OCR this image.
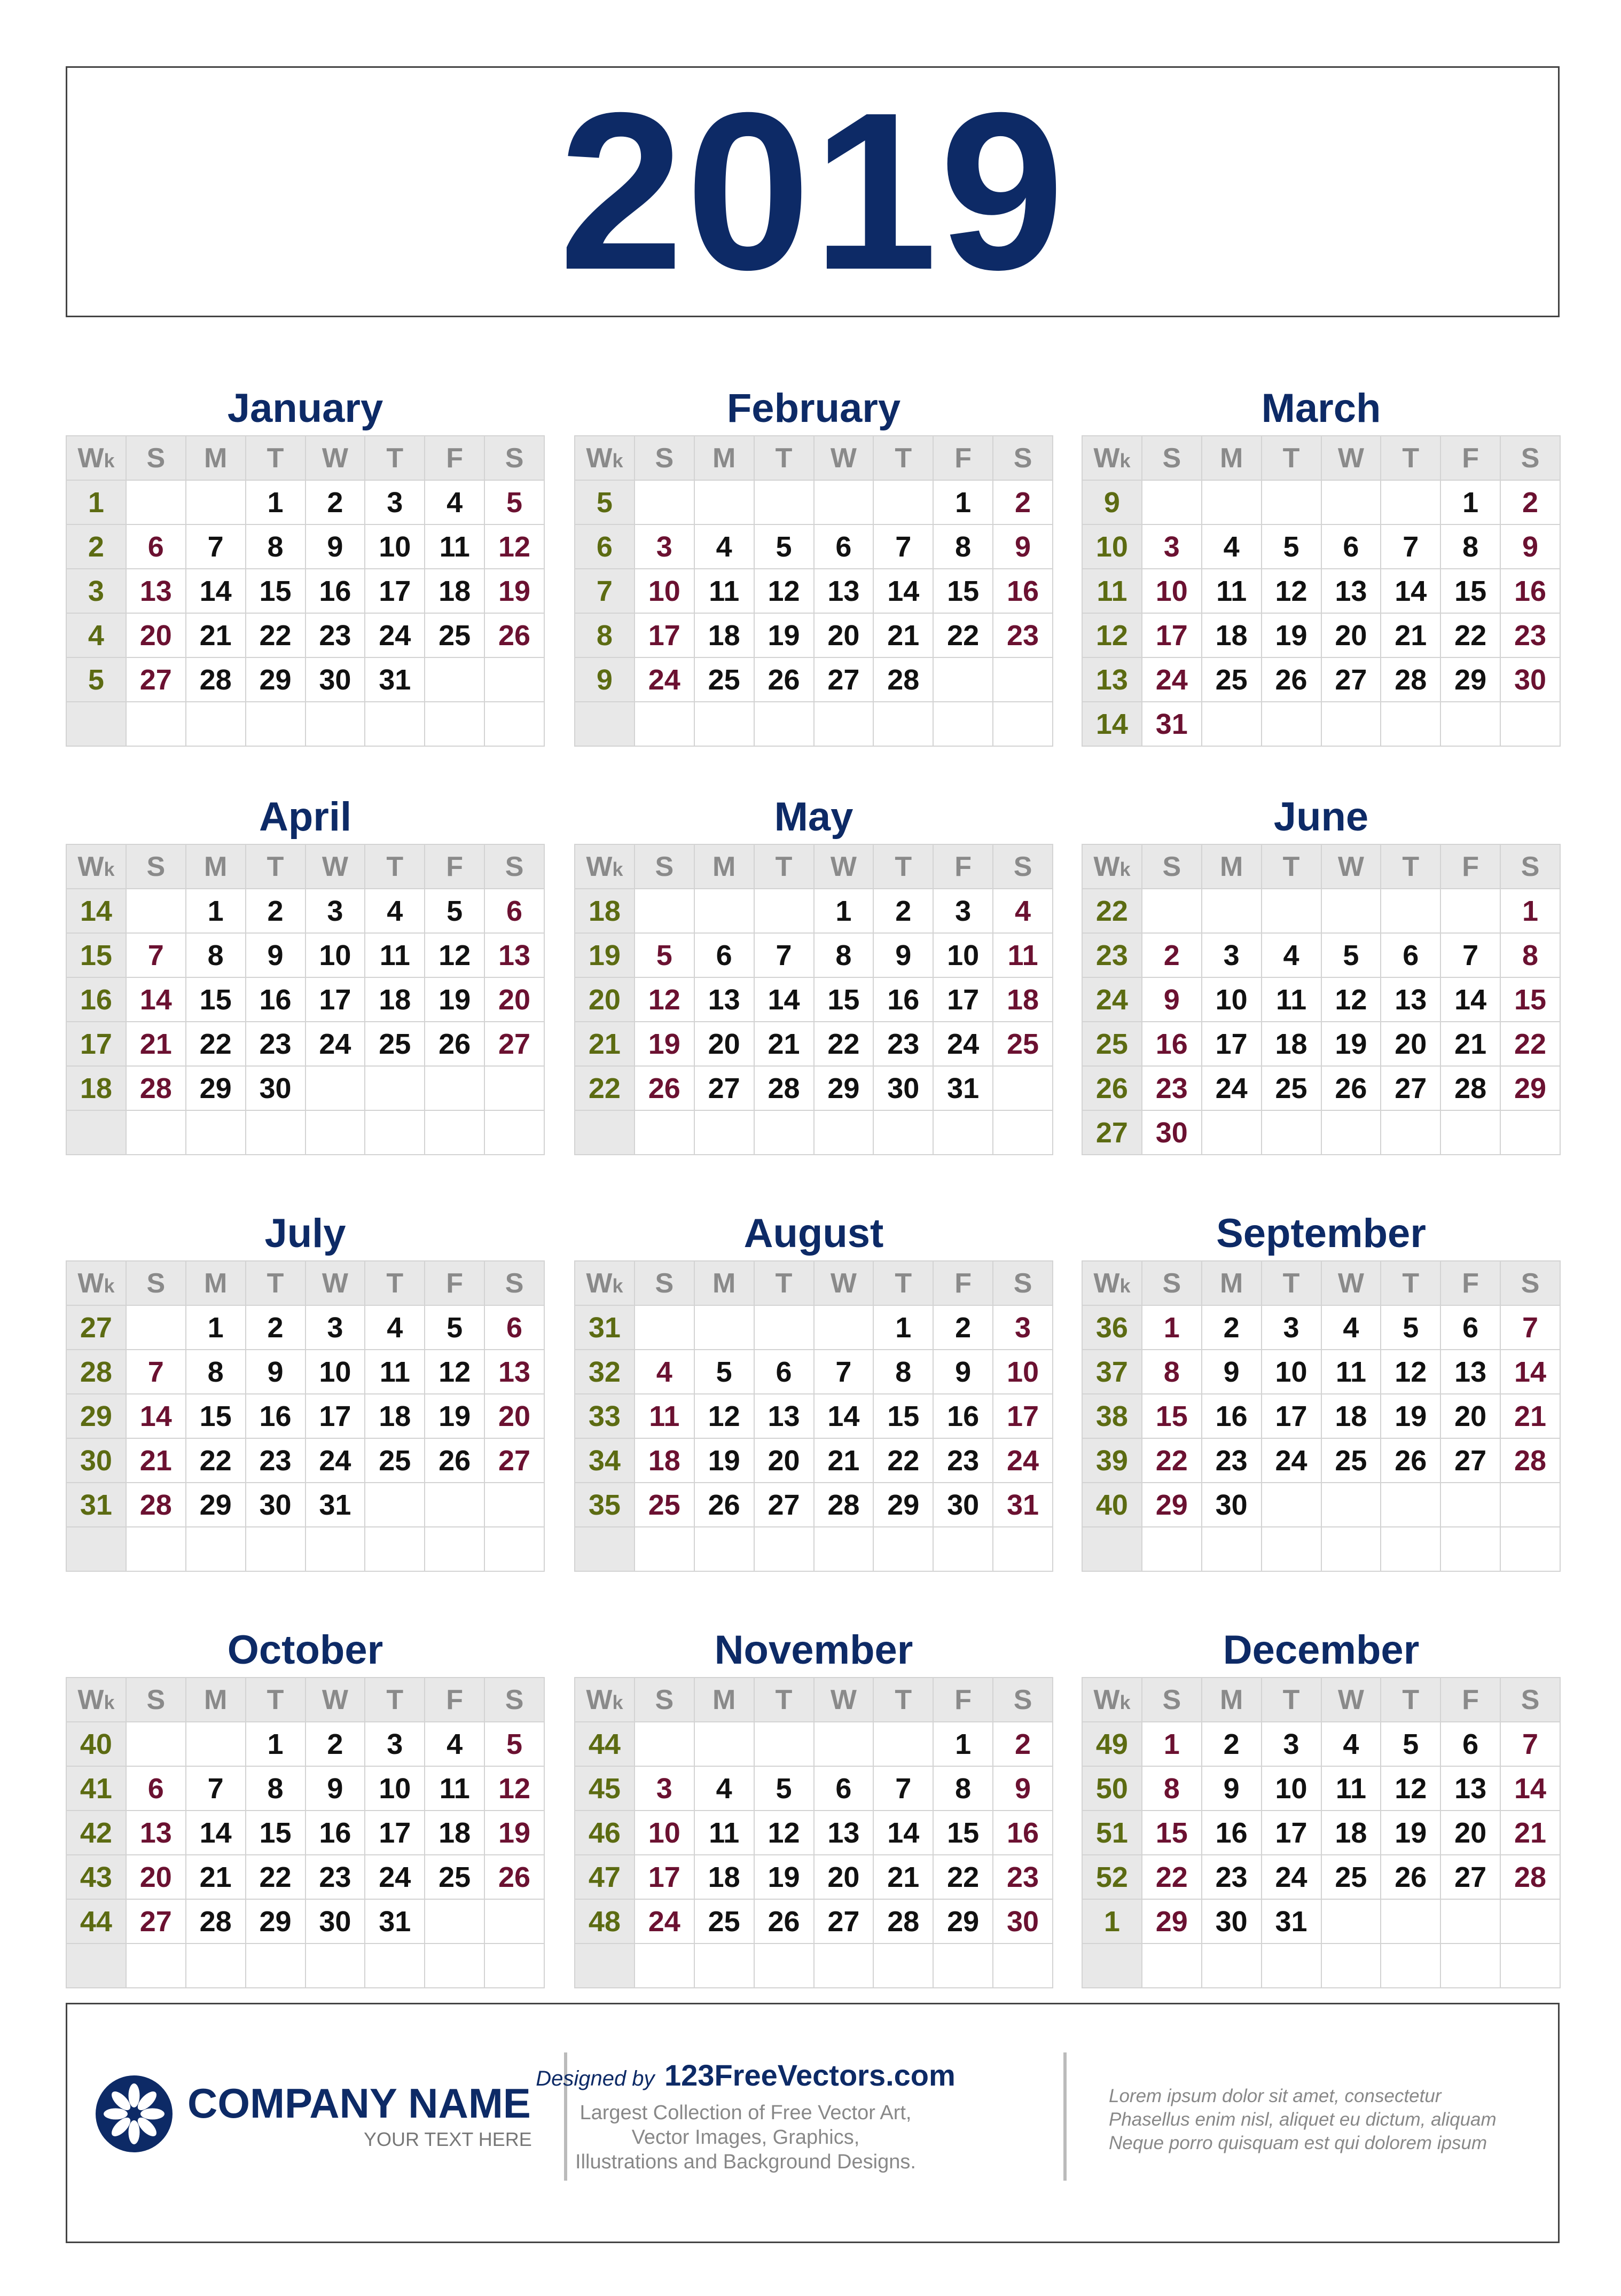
2019
January
Wk	S	M	T	W	T	F	S
1			1	2	3	4	5
2	6	7	8	9	10	11	12
3	13	14	15	16	17	18	19
4	20	21	22	23	24	25	26
5	27	28	29	30	31		

February
Wk	S	M	T	W	T	F	S
5						1	2
6	3	4	5	6	7	8	9
7	10	11	12	13	14	15	16
8	17	18	19	20	21	22	23
9	24	25	26	27	28		

March
Wk	S	M	T	W	T	F	S
9						1	2
10	3	4	5	6	7	8	9
11	10	11	12	13	14	15	16
12	17	18	19	20	21	22	23
13	24	25	26	27	28	29	30
14	31						
April
Wk	S	M	T	W	T	F	S
14		1	2	3	4	5	6
15	7	8	9	10	11	12	13
16	14	15	16	17	18	19	20
17	21	22	23	24	25	26	27
18	28	29	30				

May
Wk	S	M	T	W	T	F	S
18				1	2	3	4
19	5	6	7	8	9	10	11
20	12	13	14	15	16	17	18
21	19	20	21	22	23	24	25
22	26	27	28	29	30	31	

June
Wk	S	M	T	W	T	F	S
22							1
23	2	3	4	5	6	7	8
24	9	10	11	12	13	14	15
25	16	17	18	19	20	21	22
26	23	24	25	26	27	28	29
27	30						
July
Wk	S	M	T	W	T	F	S
27		1	2	3	4	5	6
28	7	8	9	10	11	12	13
29	14	15	16	17	18	19	20
30	21	22	23	24	25	26	27
31	28	29	30	31			

August
Wk	S	M	T	W	T	F	S
31					1	2	3
32	4	5	6	7	8	9	10
33	11	12	13	14	15	16	17
34	18	19	20	21	22	23	24
35	25	26	27	28	29	30	31

September
Wk	S	M	T	W	T	F	S
36	1	2	3	4	5	6	7
37	8	9	10	11	12	13	14
38	15	16	17	18	19	20	21
39	22	23	24	25	26	27	28
40	29	30					

October
Wk	S	M	T	W	T	F	S
40			1	2	3	4	5
41	6	7	8	9	10	11	12
42	13	14	15	16	17	18	19
43	20	21	22	23	24	25	26
44	27	28	29	30	31		

November
Wk	S	M	T	W	T	F	S
44						1	2
45	3	4	5	6	7	8	9
46	10	11	12	13	14	15	16
47	17	18	19	20	21	22	23
48	24	25	26	27	28	29	30

December
Wk	S	M	T	W	T	F	S
49	1	2	3	4	5	6	7
50	8	9	10	11	12	13	14
51	15	16	17	18	19	20	21
52	22	23	24	25	26	27	28
1	29	30	31				

COMPANY NAME
YOUR TEXT HERE
Designed by 123FreeVectors.com
Largest Collection of Free Vector Art,
Vector Images, Graphics,
Illustrations and Background Designs.
Lorem ipsum dolor sit amet, consectetur
Phasellus enim nisl, aliquet eu dictum, aliquam
Neque porro quisquam est qui dolorem ipsum
